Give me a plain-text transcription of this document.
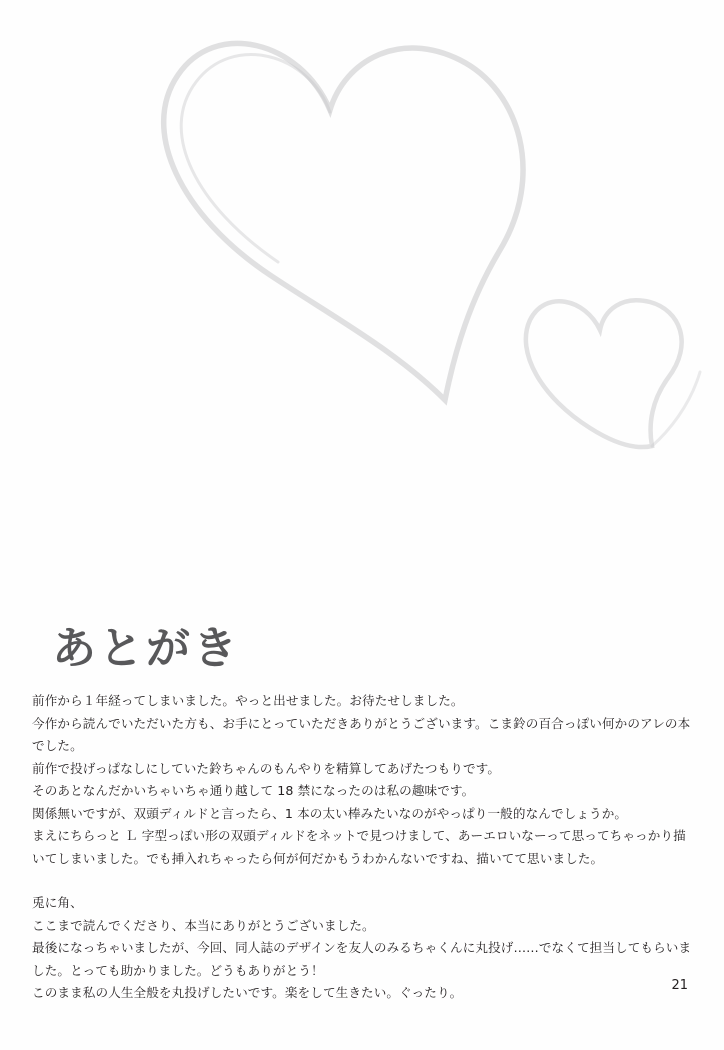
あとがき

前作から１年経ってしまいました。やっと出せました。お待たせしました。

今作から読んでいただいた方も、お手にとっていただきありがとうございます。こま鈴の百合っぽい何かのアレの本でした。

前作で投げっぱなしにしていた鈴ちゃんのもんやりを精算してあげたつもりです。

そのあとなんだかいちゃいちゃ通り越して 18 禁になったのは私の趣味です。

関係無いですが、双頭ディルドと言ったら、1 本の太い棒みたいなのがやっぱり一般的なんでしょうか。

まえにちらっと Ｌ 字型っぽい形の双頭ディルドをネットで見つけまして、あーエロいなーって思ってちゃっかり描いてしまいました。でも挿入れちゃったら何が何だかもうわかんないですね、描いてて思いました。

兎に角、

ここまで読んでくださり、本当にありがとうございました。

最後になっちゃいましたが、今回、同人誌のデザインを友人のみるちゃくんに丸投げ……でなくて担当してもらいました。とっても助かりました。どうもありがとう！

このまま私の人生全般を丸投げしたいです。楽をして生きたい。ぐったり。	21
